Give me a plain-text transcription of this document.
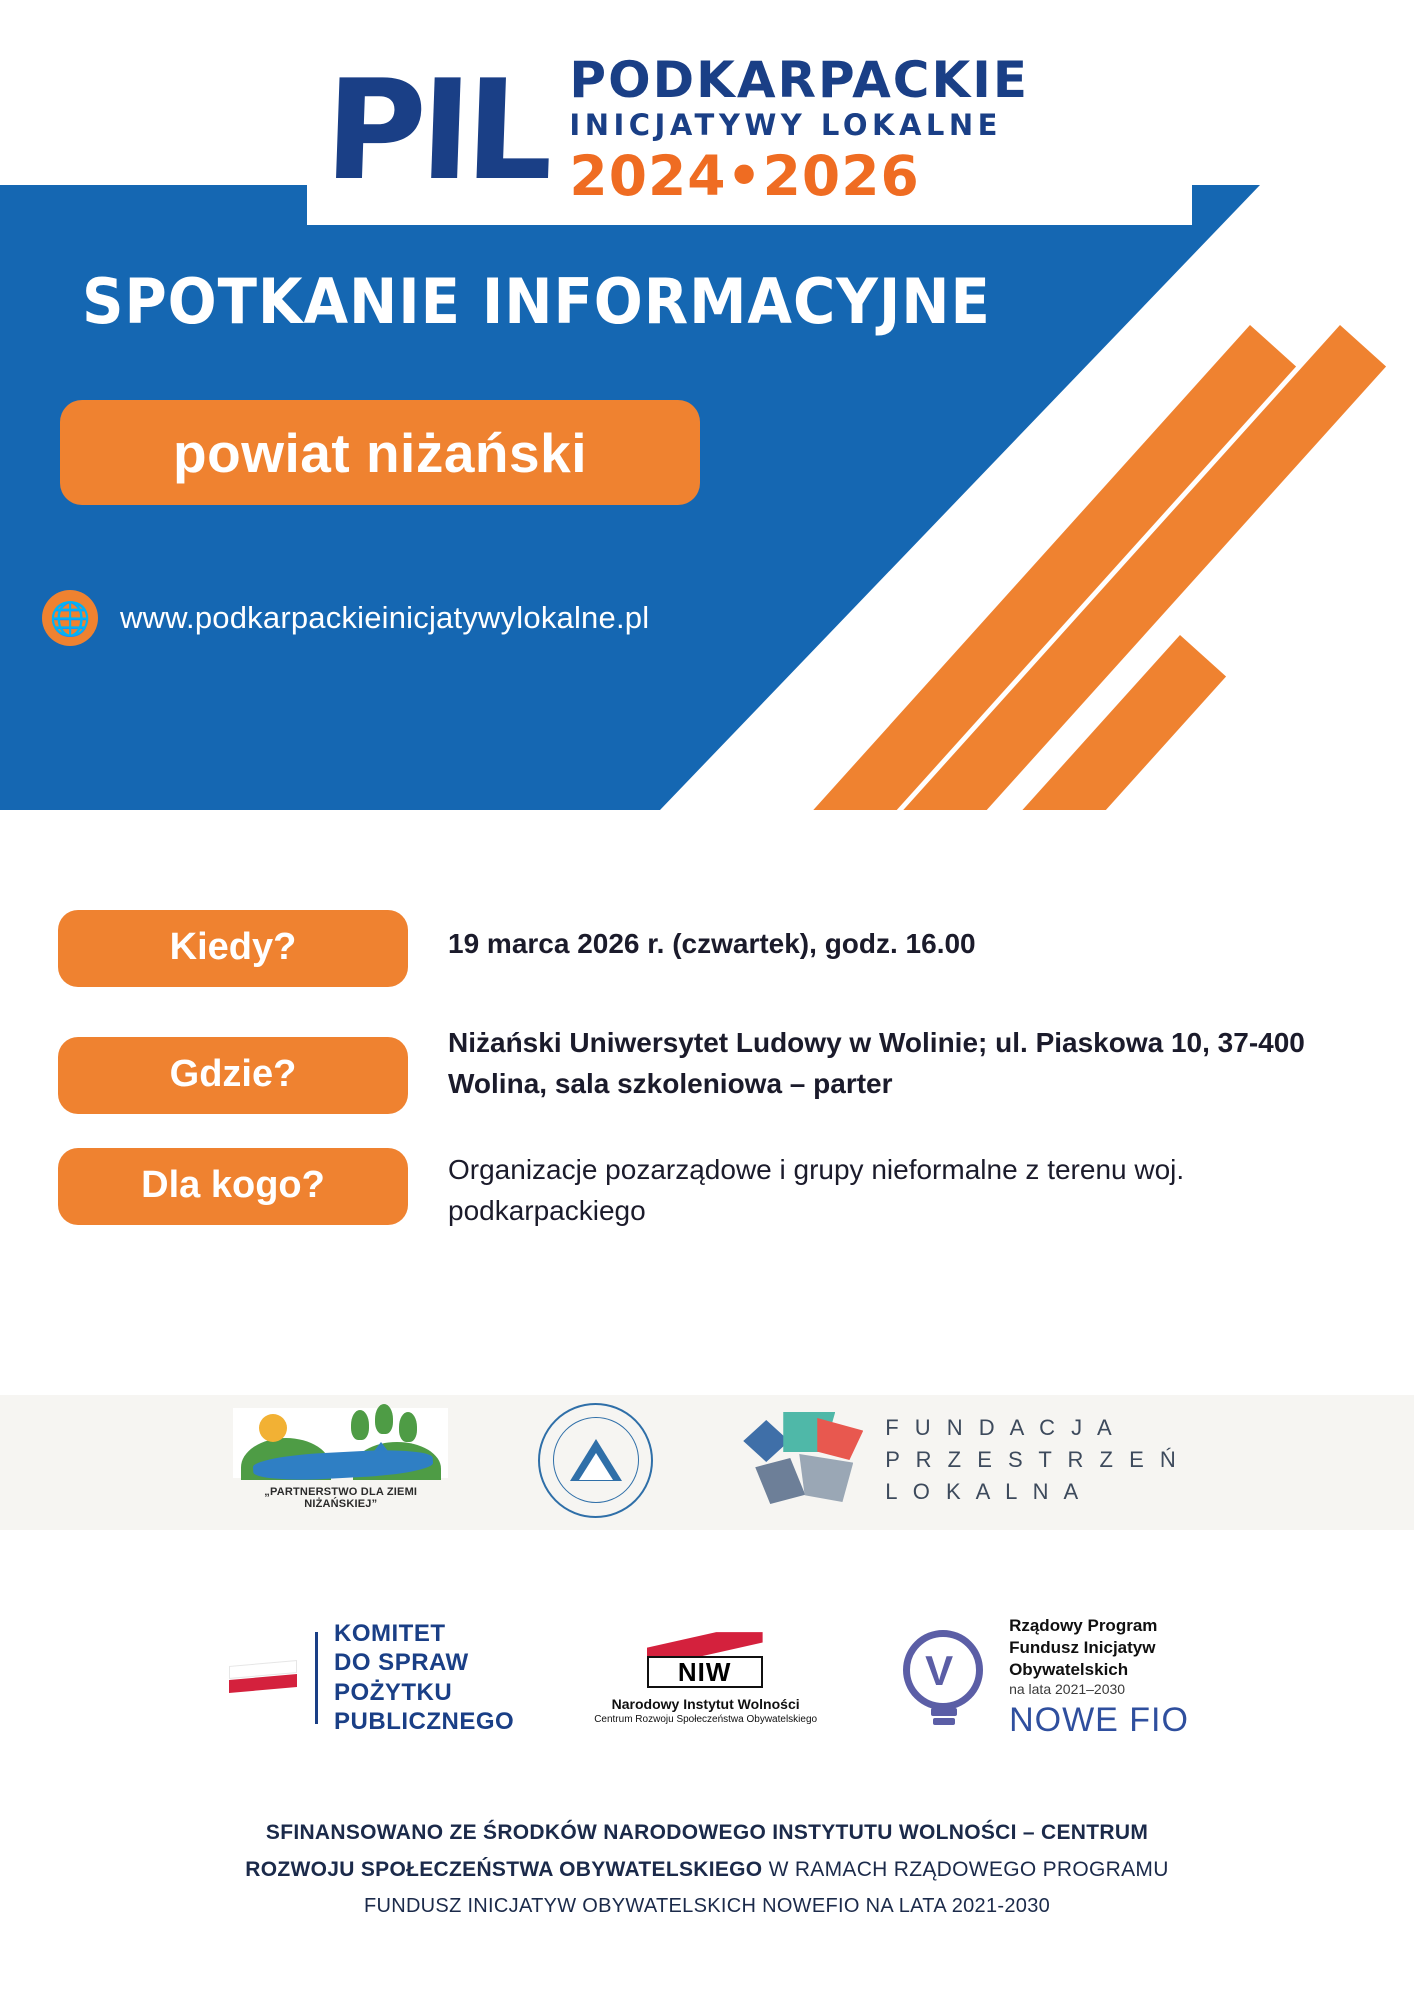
SPOTKANIE INFORMACYJNE
powiat niżański
🌐 www.podkarpackieinicjatywylokalne.pl
PIL PODKARPACKIE
INICJATYWY LOKALNE
2024•2026
Kiedy?	19 marca 2026 r. (czwartek), godz. 16.00
Gdzie?
Niżański Uniwersytet Ludowy w Wolinie; ul. Piaskowa 10, 37-400 Wolina, sala szkoleniowa – parter
Dla kogo?	Organizacje pozarządowe i grupy nieformalne z terenu woj. podkarpackiego
„PARTNERSTWO DLA ZIEMI NIŻAŃSKIEJ”
F U N D A C J A
P R Z E S T R Z E Ń
L O K A L N A
KOMITET
DO SPRAW
POŻYTKU
PUBLICZNEGO
NIW
Narodowy Instytut Wolności
Centrum Rozwoju Społeczeństwa Obywatelskiego
V
Rządowy Program
Fundusz Inicjatyw
Obywatelskich
na lata 2021–2030
NOWE FIO
SFINANSOWANO ZE ŚRODKÓW NARODOWEGO INSTYTUTU WOLNOŚCI – CENTRUM
ROZWOJU SPOŁECZEŃSTWA OBYWATELSKIEGO W RAMACH RZĄDOWEGO PROGRAMU
FUNDUSZ INICJATYW OBYWATELSKICH NOWEFIO NA LATA 2021-2030
